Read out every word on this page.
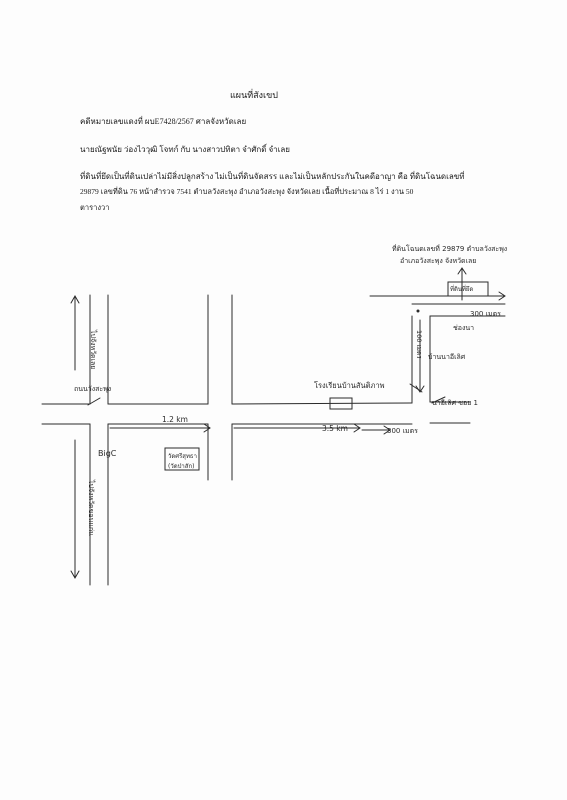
แผนที่สังเขป
คดีหมายเลขแดงที่ ผบE7428/2567 ศาลจังหวัดเลย
นายณัฐพนัย ว่องไววุฒิ โจทก์ กับ นางสาวปทิตา จำศักดิ์ จำเลย
ที่ดินที่ยึดเป็นที่ดินเปล่าไม่มีสิ่งปลูกสร้าง ไม่เป็นที่ดินจัดสรร และไม่เป็นหลักประกันในคดีอาญา คือ ที่ดินโฉนดเลขที่
29879 เลขที่ดิน 76 หน้าสำรวจ 7541 ตำบลวังสะพุง อำเภอวังสะพุง จังหวัดเลย เนื้อที่ประมาณ 8 ไร่ 1 งาน 50
ตารางวา
ที่ดินโฉนดเลขที่ 29879 ตำบลวังสะพุง
อำเภอวังสะพุง จังหวัดเลย
ที่ดินที่ยึด
300 เมตร
ช่องนา
บ้านนาอีเลิศ
โรงเรียนบ้านสันติภาพ
นาอีเลิศ ซอย 1
1.2 km
3.5 km	300 เมตร
BigC	วัดศรีสุทธา
(วัดป่าสัก)
ถนนวังสะพุง
ไปจังหวัดเลย
ไปจังหวัดขอนแก่น
100 เมตร
